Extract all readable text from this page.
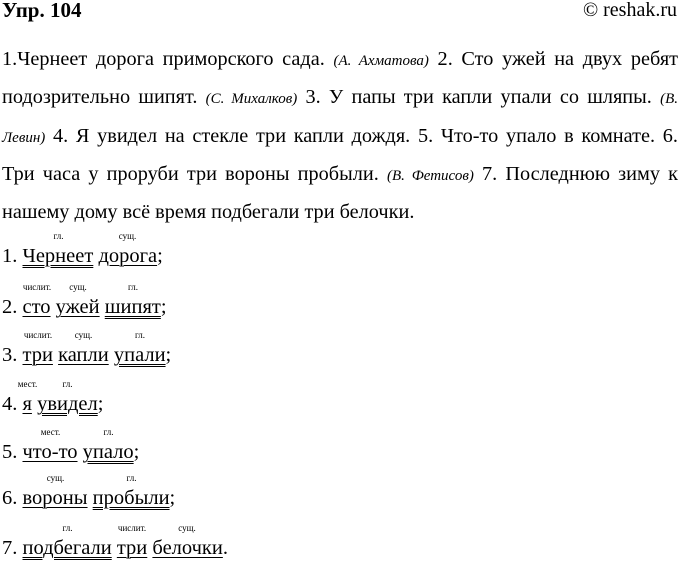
Упр. 104	© reshak.ru
1.Чернеет дорога приморского сада. (А. Ахматова) 2. Сто ужей на двух ребят подозрительно шипят. (С. Михалков) 3. У папы три капли упали со шляпы. (В. Левин) 4. Я увидел на стекле три капли дождя. 5. Что-то упало в комнате. 6. Три часа у проруби три вороны пробыли. (В. Фетисов) 7. Последнюю зиму к нашему дому всё время подбегали три белочки.
1. Чернеет дорога;
гл.	сущ.
2. сто ужей шипят;
числит. сущ.	гл.
3. три капли упали;
числит.	сущ.	гл.
4. я увидел;
мест.	гл.
5. что-то упало;
мест.	гл.
6. вороны пробыли;
сущ.	гл.
7. подбегали три белочки.
гл.	числит.	сущ.
